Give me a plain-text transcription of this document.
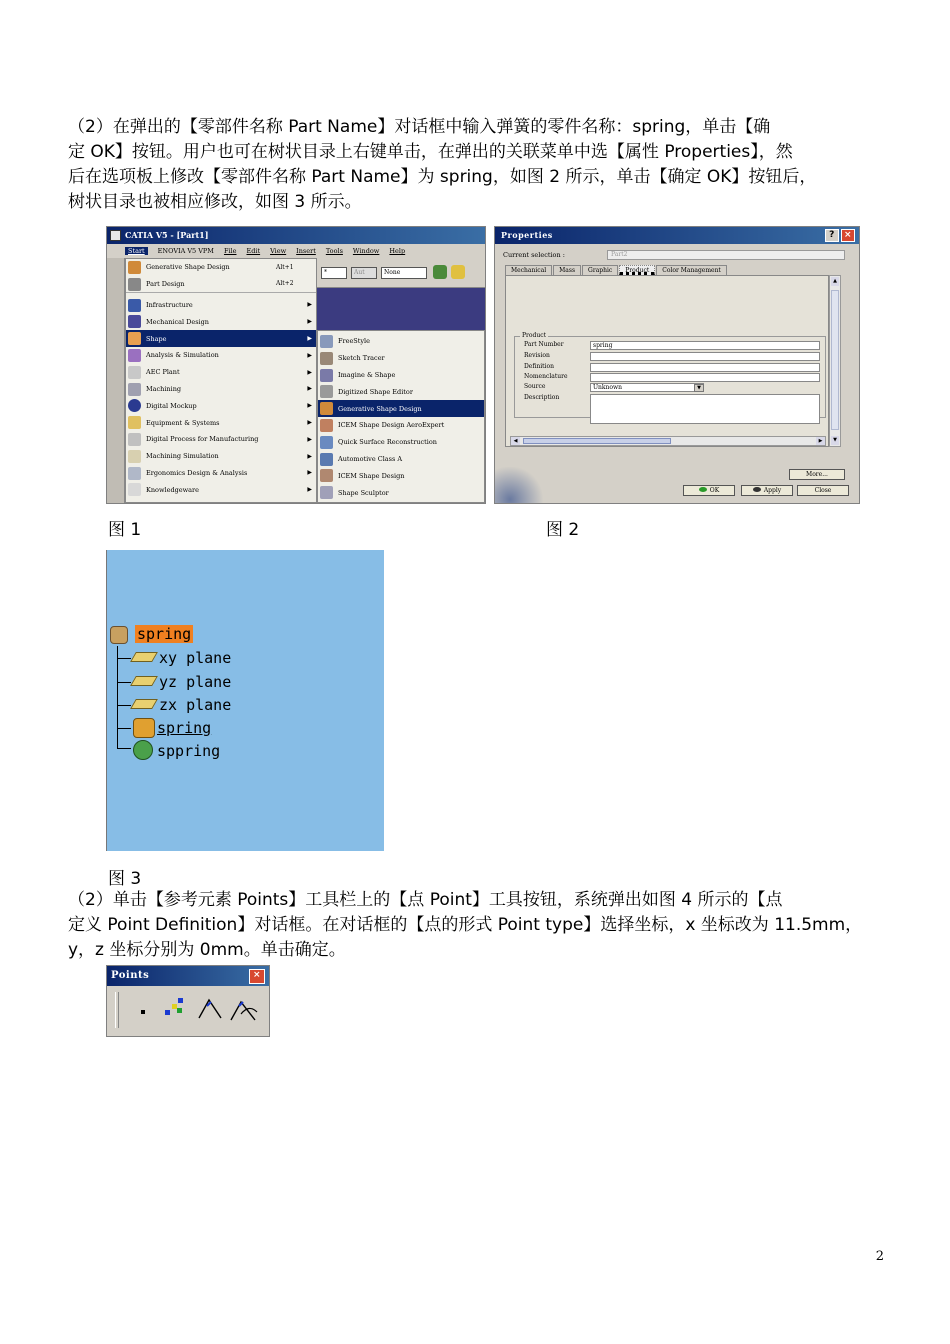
（2）在弹出的【零部件名称 Part Name】对话框中输入弹簧的零件名称：spring，单击【确

定 OK】按钮。用户也可在树状目录上右键单击，在弹出的关联菜单中选【属性 Properties】，然

后在选项板上修改【零部件名称 Part Name】为 spring，如图 2 所示，单击【确定 OK】按钮后，

树状目录也被相应修改，如图 3 所示。

CATIA V5 - [Part1]
Start	ENOVIA V5 VPM File Edit View Insert Tools Window Help
Generative Shape Design	Alt+1
Part Design	Alt+2
Infrastructure	▶
Mechanical Design	▶
Shape	▶
Analysis & Simulation	▶
AEC Plant	▶
Machining	▶
Digital Mockup	▶
Equipment & Systems	▶
Digital Process for Manufacturing	▶
Machining Simulation	▶
Ergonomics Design & Analysis	▶
Knowledgeware	▶
*	Aut	None
FreeStyle
Sketch Tracer
Imagine & Shape
Digitized Shape Editor
Generative Shape Design
ICEM Shape Design AeroExpert
Quick Surface Reconstruction
Automotive Class A
ICEM Shape Design
Shape Sculptor
Properties	?	×
Current selection :	Part2
Mechanical	Mass	Graphic	Product	Color Management
Product
Part Number	spring
Revision
Definition
Nomenclature
Source	Unknown	▼
Description
◀	▶
▲
▼
More...
OK	Apply	Close
图 1	图 2
spring
xy plane
yz plane
zx plane
spring
sppring
图 3

（2）单击【参考元素 Points】工具栏上的【点 Point】工具按钮，系统弹出如图 4 所示的【点

定义 Point Definition】对话框。在对话框的【点的形式 Point type】选择坐标，x 坐标改为 11.5mm，

y，z 坐标分别为 0mm。单击确定。

Points	×
2
